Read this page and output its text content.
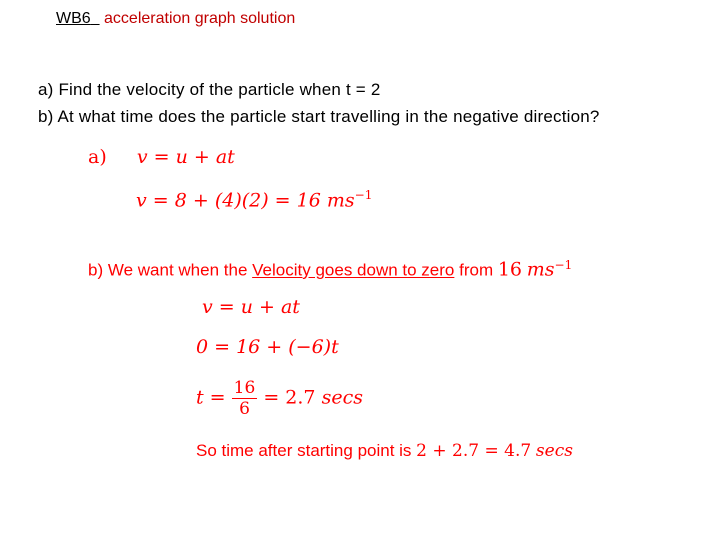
WB6 acceleration graph solution
a) Find the velocity of the particle when t = 2
b) At what time does the particle start travelling in the negative direction?
a) v = u + at
v = 8 + (4)(2) = 16 $ms^{-1}$
b) We want when the Velocity goes down to zero from 16 $ms^{-1}$
v = u + at
0 = 16 + (−6)t
$t = \frac{16}{6} = 2.7$ secs
So time after starting point is 2 + 2.7 = 4.7 secs
